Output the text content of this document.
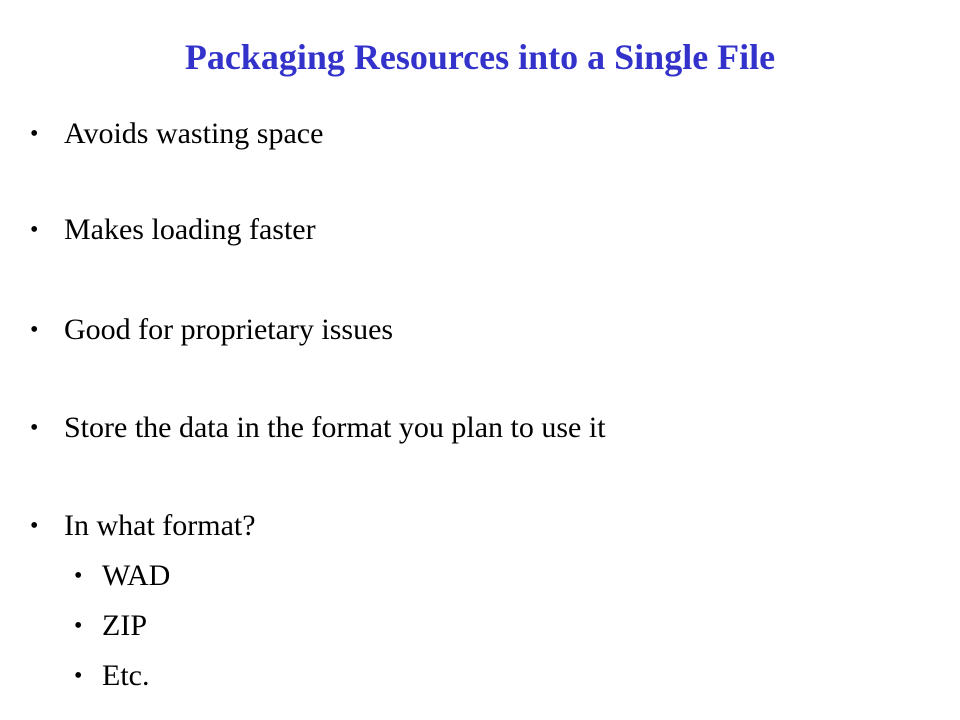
Packaging Resources into a Single File
• Avoids wasting space
• Makes loading faster
• Good for proprietary issues
• Store the data in the format you plan to use it
• In what format?
• WAD
• ZIP
• Etc.
